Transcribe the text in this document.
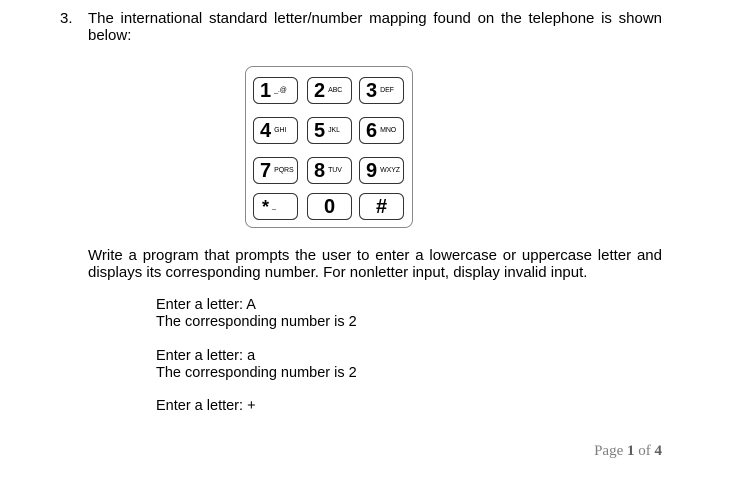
3. The international standard letter/number mapping found on the telephone is shown below:
1 _.@ 2 ABC 3 DEF
4 GHI 5 JKL 6 MNO
7 PQRS 8 TUV 9 WXYZ
* _	0	#
Write a program that prompts the user to enter a lowercase or uppercase letter and displays its corresponding number. For nonletter input, display invalid input.
Enter a letter: A
The corresponding number is 2
Enter a letter: a
The corresponding number is 2
Enter a letter: +
Page 1 of 4
